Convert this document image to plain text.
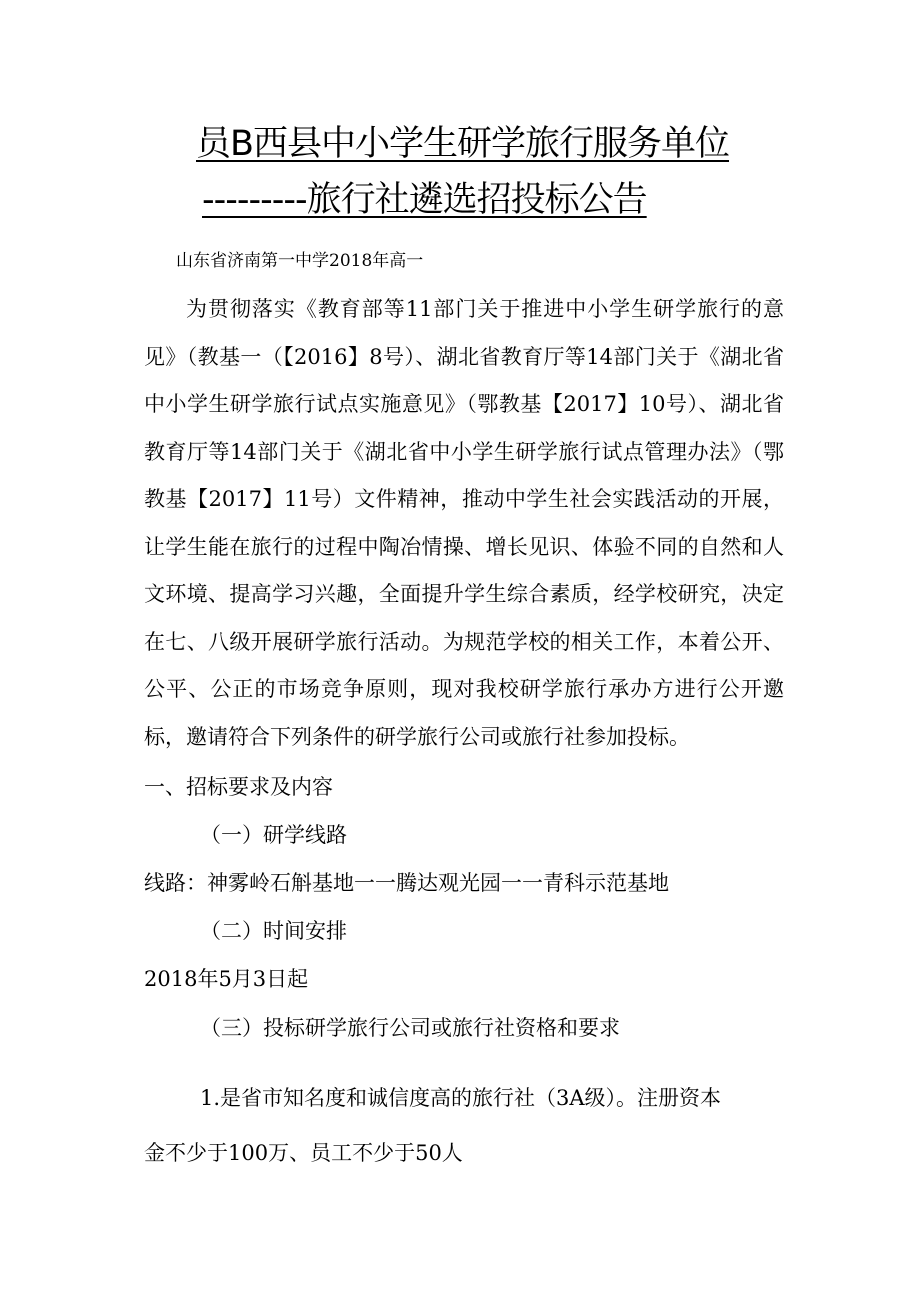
员B西县中小学生研学旅行服务单位
---------旅行社遴选招投标公告
山东省济南第一中学2018年高一

为贯彻落实《教育部等11部门关于推进中小学生研学旅行的意见》（教基一（【2016】8号）、湖北省教育厅等14部门关于《湖北省中小学生研学旅行试点实施意见》（鄂教基【2017】10号）、湖北省教育厅等14部门关于《湖北省中小学生研学旅行试点管理办法》（鄂教基【2017】11号）文件精神，推动中学生社会实践活动的开展，让学生能在旅行的过程中陶冶情操、增长见识、体验不同的自然和人文环境、提高学习兴趣，全面提升学生综合素质，经学校研究，决定在七、八级开展研学旅行活动。为规范学校的相关工作，本着公开、公平、公正的市场竞争原则，现对我校研学旅行承办方进行公开邀标，邀请符合下列条件的研学旅行公司或旅行社参加投标。

一、招标要求及内容
（一）研学线路
线路：神雾岭石斛基地一一腾达观光园一一青科示范基地
（二）时间安排
2018年5月3日起
（三）投标研学旅行公司或旅行社资格和要求
1.是省市知名度和诚信度高的旅行社（3A级）。注册资本
金不少于100万、员工不少于50人
